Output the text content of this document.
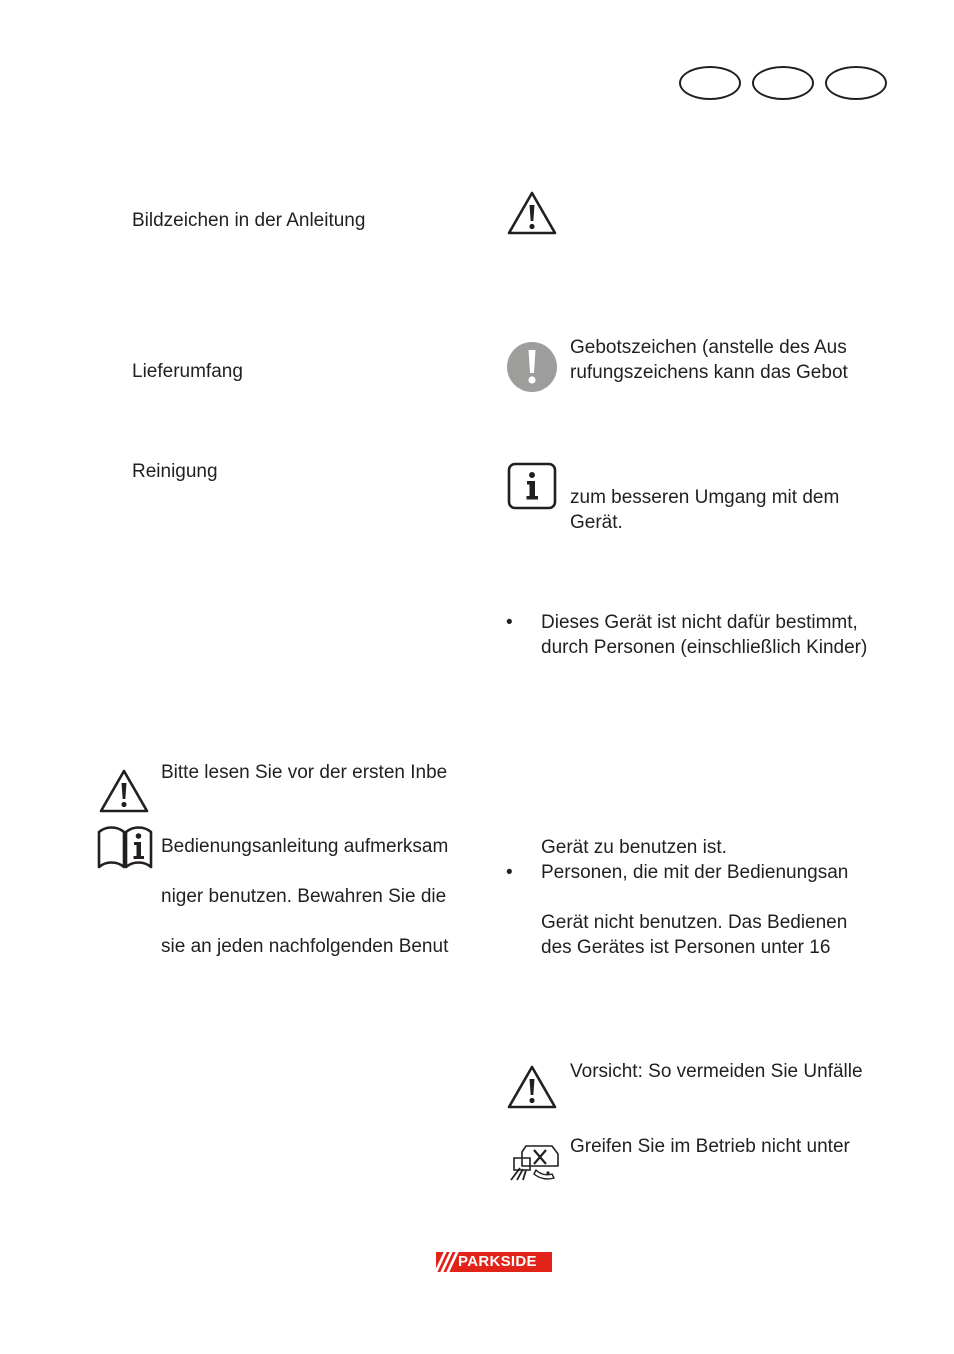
Bildzeichen in der Anleitung
Lieferumfang
Reinigung
Bitte lesen Sie vor der ersten Inbe
Bedienungsanleitung aufmerksam
niger benutzen. Bewahren Sie die
sie an jeden nachfolgenden Benut
Gebotszeichen (anstelle des Aus
rufungszeichens kann das Gebot
zum besseren Umgang mit dem
Gerät.
• Dieses Gerät ist nicht dafür bestimmt,
durch Personen (einschließlich Kinder)
Gerät zu benutzen ist.
• Personen, die mit der Bedienungsan
Gerät nicht benutzen. Das Bedienen
des Gerätes ist Personen unter 16
Vorsicht: So vermeiden Sie Unfälle
Greifen Sie im Betrieb nicht unter
PARKSIDE
